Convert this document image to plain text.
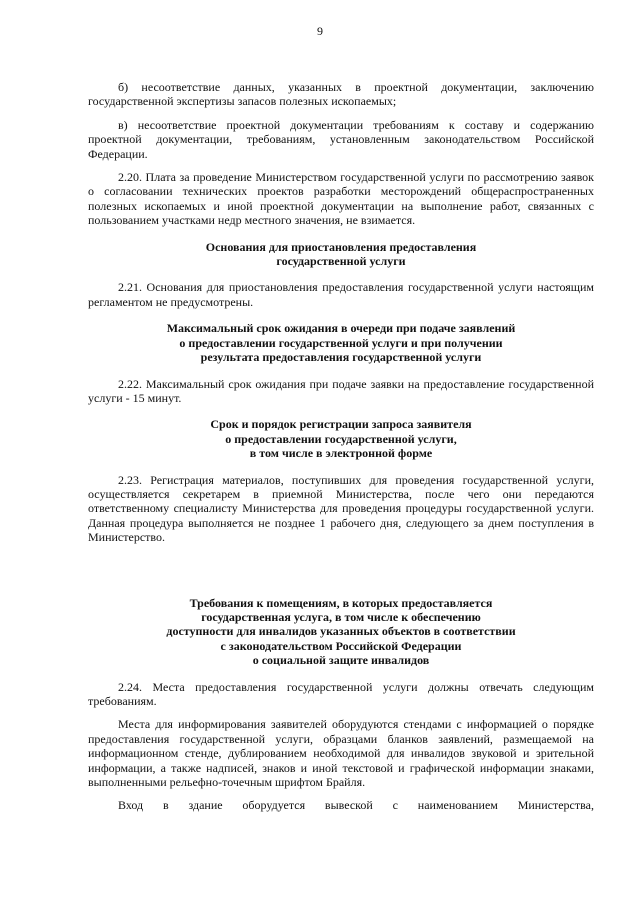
9

б) несоответствие данных, указанных в проектной документации, заключению государственной экспертизы запасов полезных ископаемых;

в) несоответствие проектной документации требованиям к составу и содержанию проектной документации, требованиям, установленным законодательством Российской Федерации.

2.20. Плата за проведение Министерством государственной услуги по рассмотрению заявок о согласовании технических проектов разработки месторождений общераспространенных полезных ископаемых и иной проектной документации на выполнение работ, связанных с пользованием участками недр местного значения, не взимается.

Основания для приостановления предоставления
государственной услуги

2.21. Основания для приостановления предоставления государственной услуги настоящим регламентом не предусмотрены.

Максимальный срок ожидания в очереди при подаче заявлений
о предоставлении государственной услуги и при получении
результата предоставления государственной услуги

2.22. Максимальный срок ожидания при подаче заявки на предоставление государственной услуги - 15 минут.

Срок и порядок регистрации запроса заявителя
о предоставлении государственной услуги,
в том числе в электронной форме

2.23. Регистрация материалов, поступивших для проведения государственной услуги, осуществляется секретарем в приемной Министерства, после чего они передаются ответственному специалисту Министерства для проведения процедуры государственной услуги. Данная процедура выполняется не позднее 1 рабочего дня, следующего за днем поступления в Министерство.

Требования к помещениям, в которых предоставляется
государственная услуга, в том числе к обеспечению
доступности для инвалидов указанных объектов в соответствии
с законодательством Российской Федерации
о социальной защите инвалидов

2.24. Места предоставления государственной услуги должны отвечать следующим требованиям.

Места для информирования заявителей оборудуются стендами с информацией о порядке предоставления государственной услуги, образцами бланков заявлений, размещаемой на информационном стенде, дублированием необходимой для инвалидов звуковой и зрительной информации, а также надписей, знаков и иной текстовой и графической информации знаками, выполненными рельефно-точечным шрифтом Брайля.

Вход в здание оборудуется вывеской с наименованием Министерства,
